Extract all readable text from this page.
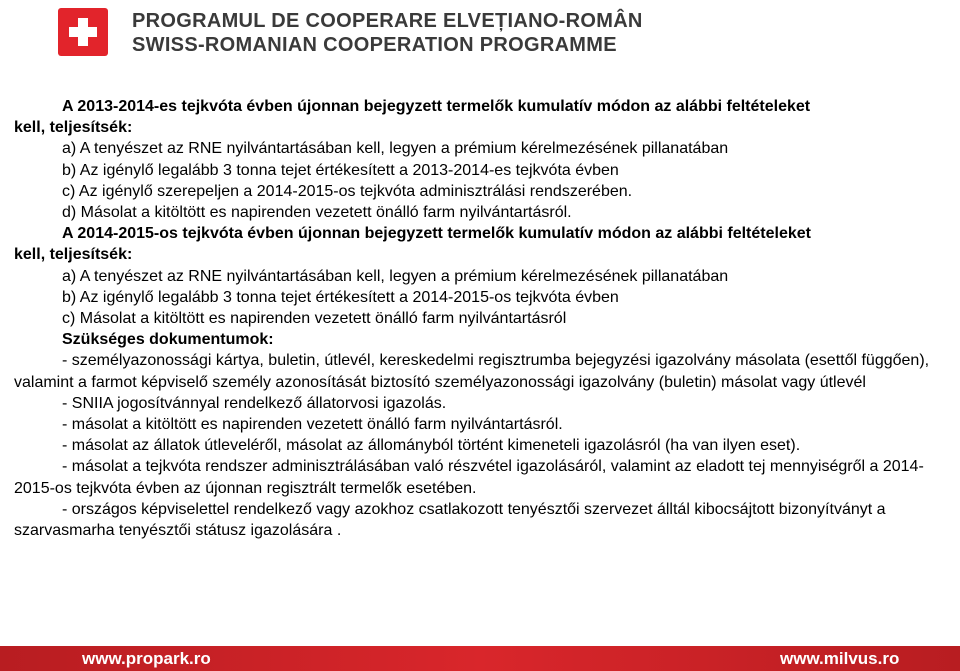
PROGRAMUL DE COOPERARE ELVEȚIANO-ROMÂN
SWISS-ROMANIAN COOPERATION PROGRAMME
A 2013-2014-es tejkvóta évben újonnan bejegyzett termelők kumulatív módon az alábbi feltételeket
kell, teljesítsék:
a) A tenyészet az RNE nyilvántartásában kell, legyen a prémium kérelmezésének pillanatában
b) Az igénylő legalább 3 tonna tejet értékesített a 2013-2014-es tejkvóta évben
c) Az igénylő szerepeljen a 2014-2015-os tejkvóta adminisztrálási rendszerében.
d) Másolat a kitöltött es napirenden vezetett önálló farm nyilvántartásról.
A 2014-2015-os tejkvóta évben újonnan bejegyzett termelők kumulatív módon az alábbi feltételeket
kell, teljesítsék:
a) A tenyészet az RNE nyilvántartásában kell, legyen a prémium kérelmezésének pillanatában
b) Az igénylő legalább 3 tonna tejet értékesített a 2014-2015-os tejkvóta évben
c) Másolat a kitöltött es napirenden vezetett önálló farm nyilvántartásról
Szükséges dokumentumok:
- személyazonossági kártya, buletin, útlevél, kereskedelmi regisztrumba bejegyzési igazolvány másolata (esettől függően), valamint a farmot képviselő személy azonosítását biztosító személyazonossági igazolvány (buletin) másolat vagy útlevél
- SNIIA jogosítvánnyal rendelkező állatorvosi igazolás.
- másolat a kitöltött es napirenden vezetett önálló farm nyilvántartásról.
- másolat az állatok útleveléről, másolat az állományból történt kimeneteli igazolásról (ha van ilyen eset).
- másolat a tejkvóta rendszer adminisztrálásában való részvétel igazolásáról, valamint az eladott tej mennyiségről a 2014-2015-os tejkvóta évben az újonnan regisztrált termelők esetében.
- országos képviselettel rendelkező vagy azokhoz csatlakozott tenyésztői szervezet álltál kibocsájtott bizonyítványt a szarvasmarha tenyésztői státusz igazolására .
www.propark.ro	www.milvus.ro
